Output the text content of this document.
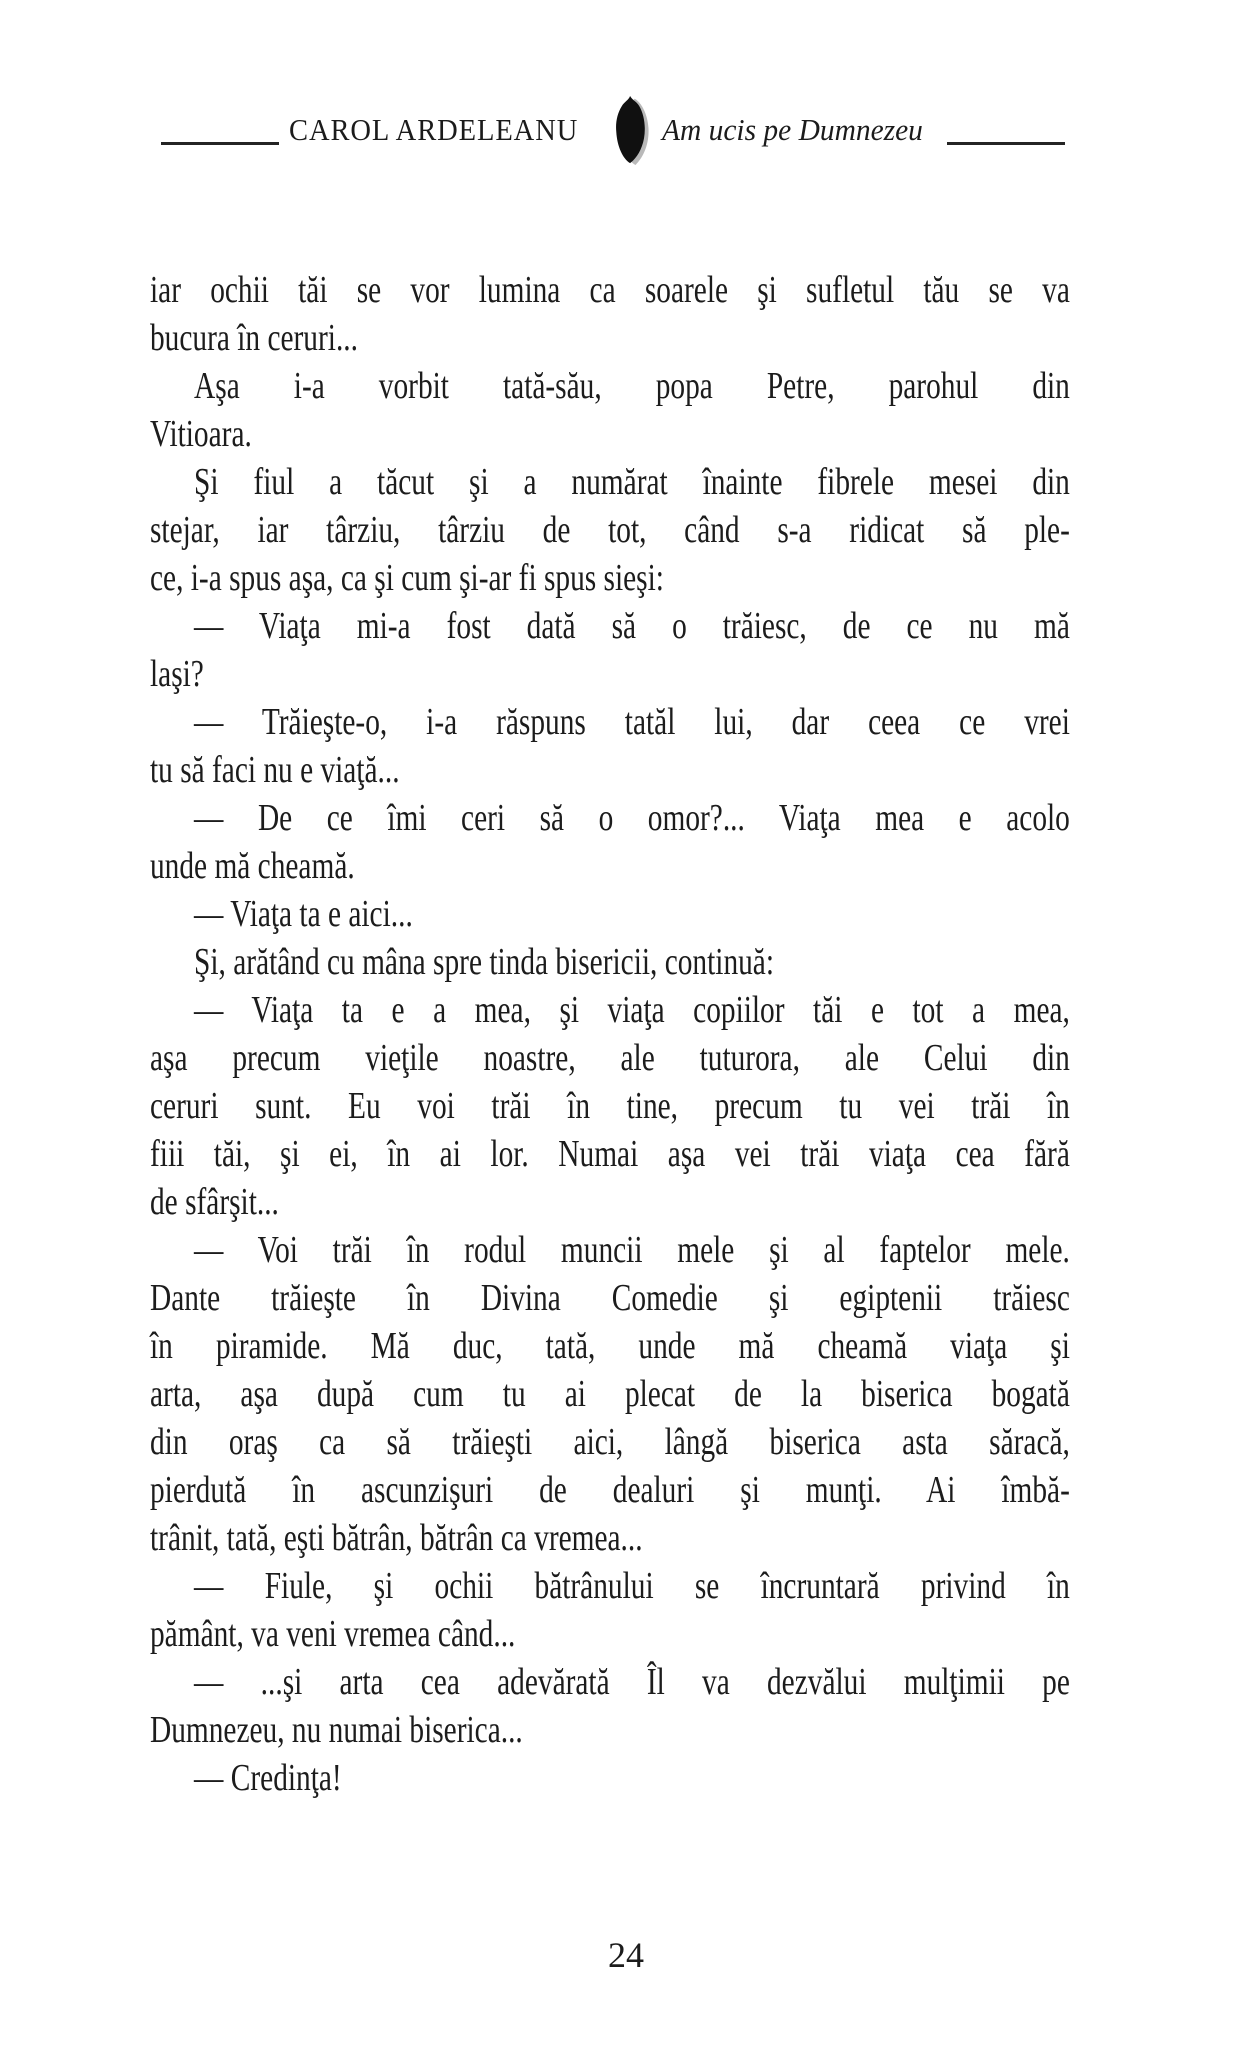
CAROL ARDELEANU	Am ucis pe Dumnezeu
iar ochii tăi se vor lumina ca soarele şi sufletul tău se va
bucura în ceruri...
Aşa i-a vorbit tată-său, popa Petre, parohul din
Vitioara.
Şi fiul a tăcut şi a numărat înainte fibrele mesei din
stejar, iar târziu, târziu de tot, când s-a ridicat să ple-
ce, i-a spus aşa, ca şi cum şi-ar fi spus sieşi:
— Viaţa mi-a fost dată să o trăiesc, de ce nu mă
laşi?
— Trăieşte-o, i-a răspuns tatăl lui, dar ceea ce vrei
tu să faci nu e viaţă...
— De ce îmi ceri să o omor?... Viaţa mea e acolo
unde mă cheamă.
— Viaţa ta e aici...
Şi, arătând cu mâna spre tinda bisericii, continuă:
— Viaţa ta e a mea, şi viaţa copiilor tăi e tot a mea,
aşa precum vieţile noastre, ale tuturora, ale Celui din
ceruri sunt. Eu voi trăi în tine, precum tu vei trăi în
fiii tăi, şi ei, în ai lor. Numai aşa vei trăi viaţa cea fără
de sfârşit...
— Voi trăi în rodul muncii mele şi al faptelor mele.
Dante trăieşte în Divina Comedie şi egiptenii trăiesc
în piramide. Mă duc, tată, unde mă cheamă viaţa şi
arta, aşa după cum tu ai plecat de la biserica bogată
din oraş ca să trăieşti aici, lângă biserica asta săracă,
pierdută în ascunzişuri de dealuri şi munţi. Ai îmbă-
trânit, tată, eşti bătrân, bătrân ca vremea...
— Fiule, şi ochii bătrânului se încruntară privind în
pământ, va veni vremea când...
— ...şi arta cea adevărată Îl va dezvălui mulţimii pe
Dumnezeu, nu numai biserica...
— Credinţa!
24
